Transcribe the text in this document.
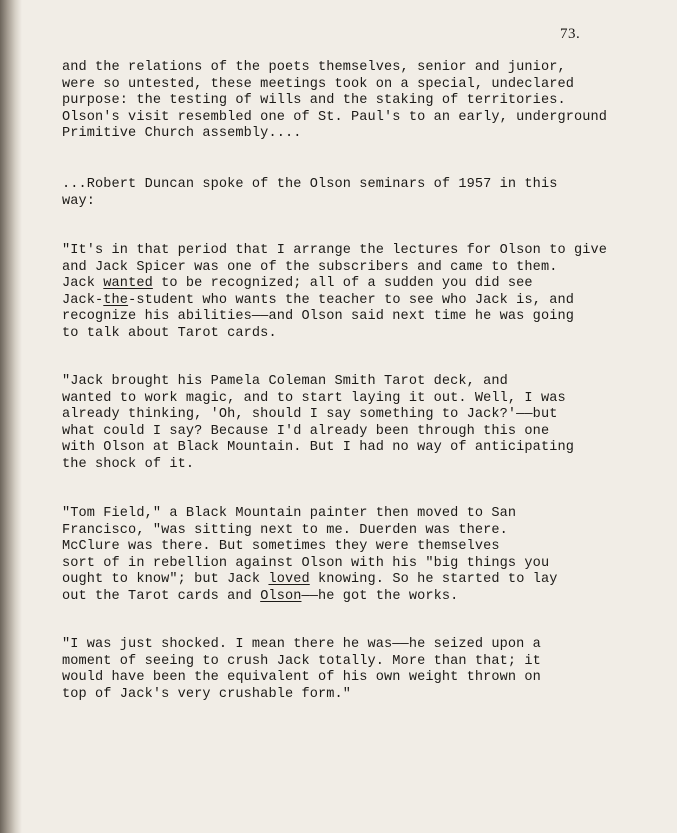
73.

and the relations of the poets themselves, senior and junior,
were so untested, these meetings took on a special, undeclared
purpose: the testing of wills and the staking of territories.
Olson's visit resembled one of St. Paul's to an early, underground
Primitive Church assembly....

...Robert Duncan spoke of the Olson seminars of 1957 in this
way:

"It's in that period that I arrange the lectures for Olson to give
and Jack Spicer was one of the subscribers and came to them.
Jack wanted to be recognized; all of a sudden you did see
Jack-the-student who wants the teacher to see who Jack is, and
recognize his abilities——and Olson said next time he was going
to talk about Tarot cards.

"Jack brought his Pamela Coleman Smith Tarot deck, and
wanted to work magic, and to start laying it out. Well, I was
already thinking, 'Oh, should I say something to Jack?'——but
what could I say? Because I'd already been through this one
with Olson at Black Mountain. But I had no way of anticipating
the shock of it.

"Tom Field," a Black Mountain painter then moved to San
Francisco, "was sitting next to me. Duerden was there.
McClure was there. But sometimes they were themselves
sort of in rebellion against Olson with his "big things you
ought to know"; but Jack loved knowing. So he started to lay
out the Tarot cards and Olson——he got the works.

"I was just shocked. I mean there he was——he seized upon a
moment of seeing to crush Jack totally. More than that; it
would have been the equivalent of his own weight thrown on
top of Jack's very crushable form."
